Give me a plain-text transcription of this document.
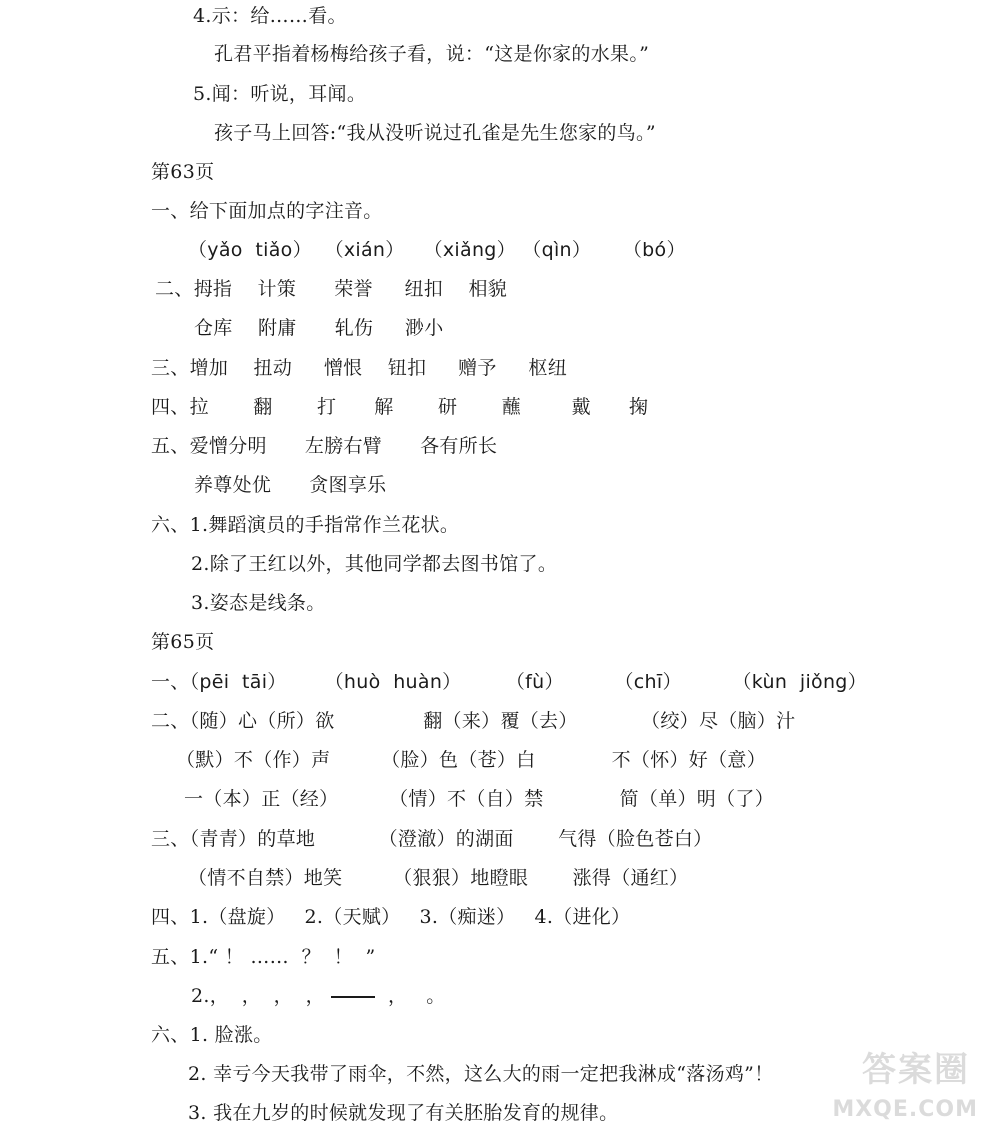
4.示：给……看。
孔君平指着杨梅给孩子看，说：“这是你家的水果。”
5.闻：听说，耳闻。
孩子马上回答:“我从没听说过孔雀是先生您家的鸟。”
第63页
一、给下面加点的字注音。
（yǎo  tiǎo）  （xián）   （xiǎng） （qìn）     （bó）
二、拇指    计策      荣誉     纽扣    相貌
仓库    附庸      轧伤     渺小
三、增加    扭动     憎恨    钮扣     赠予     枢纽
四、拉       翻       打      解       研       蘸        戴      掬
五、爱憎分明      左膀右臂      各有所长
养尊处优      贪图享乐
六、1.舞蹈演员的手指常作兰花状。
2.除了王红以外，其他同学都去图书馆了。
3.姿态是线条。
第65页
一、（pēi  tāi）      （huò  huàn）       （fù）        （chī）        （kùn  jiǒng）
二、（随）心（所）欲              翻（来）覆（去）          （绞）尽（脑）汁
（默）不（作）声        （脸）色（苍）白            不（怀）好（意）
一（本）正（经）        （情）不（自）禁            简（单）明（了）
三、（青青）的草地          （澄澈）的湖面       气得（脸色苍白）
（情不自禁）地笑        （狠狠）地瞪眼       涨得（通红）
四、1.（盘旋）   2.（天赋）   3.（痴迷）   4.（进化）
五、1.“ ！ ……  ？  ！  ”
2.，  ，  ，  ，	，   。
六、1. 脸涨。
2. 幸亏今天我带了雨伞，不然，这么大的雨一定把我淋成“落汤鸡”！
3. 我在九岁的时候就发现了有关胚胎发育的规律。
答案圈
MXQE.COM
